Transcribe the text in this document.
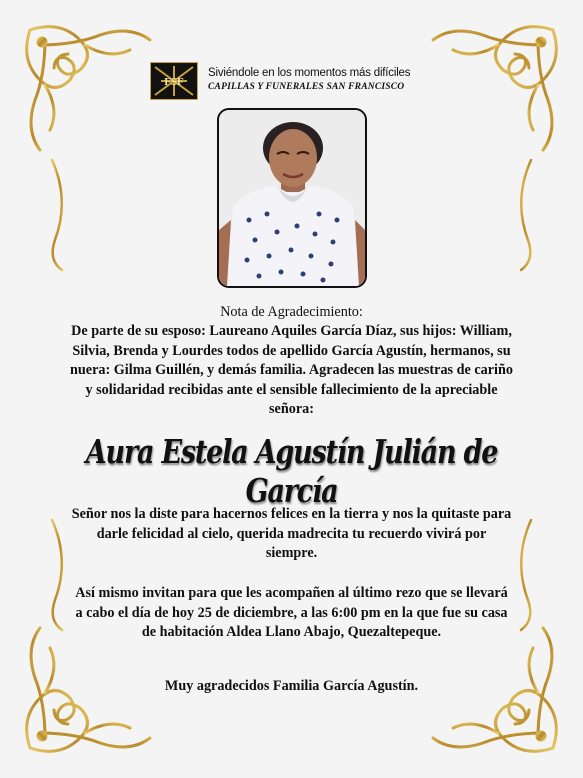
FSF
Siviéndole en los momentos más difíciles
CAPILLAS Y FUNERALES SAN FRANCISCO
Nota de Agradecimiento:
De parte de su esposo: Laureano Aquiles García Díaz, sus hijos: William, Silvia, Brenda y Lourdes todos de apellido García Agustín, hermanos, su nuera: Gilma Guillén, y demás familia. Agradecen las muestras de cariño y solidaridad recibidas ante el sensible fallecimiento de la apreciable señora:
Aura Estela Agustín Julián de García
Señor nos la diste para hacernos felices en la tierra y nos la quitaste para darle felicidad al cielo, querida madrecita tu recuerdo vivirá por siempre.
Así mismo invitan para que les acompañen al último rezo que se llevará a cabo el día de hoy 25 de diciembre, a las 6:00 pm en la que fue su casa de habitación Aldea Llano Abajo, Quezaltepeque.
Muy agradecidos Familia García Agustín.
